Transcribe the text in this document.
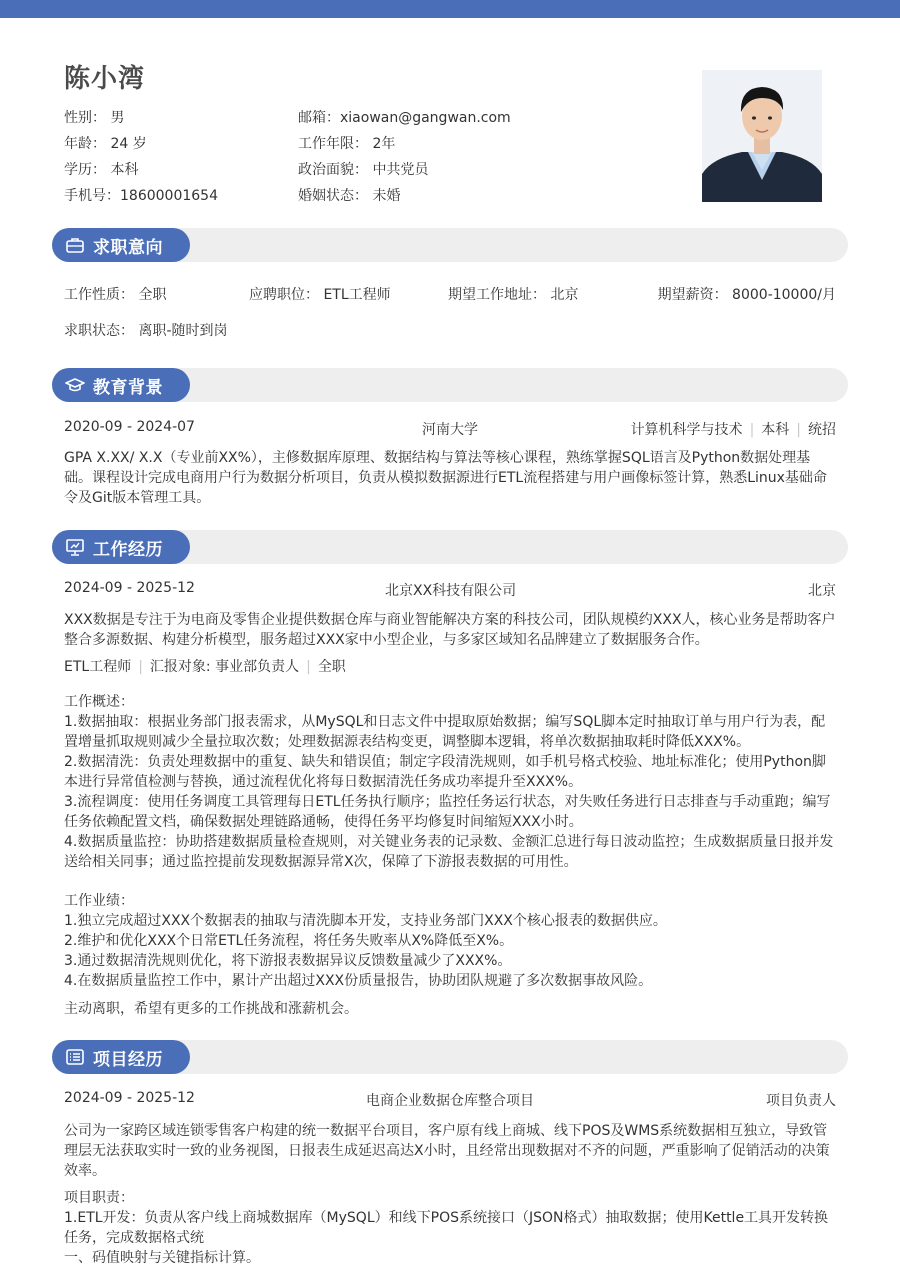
陈小湾
性别： 男	邮箱：xiaowan@gangwan.com
年龄： 24 岁	工作年限： 2年
学历： 本科	政治面貌： 中共党员
手机号：18600001654	婚姻状态： 未婚
求职意向
工作性质： 全职	应聘职位： ETL工程师	期望工作地址： 北京	期望薪资： 8000-10000/月
求职状态： 离职-随时到岗
教育背景
2020-09 - 2024-07	河南大学	计算机科学与技术 | 本科 | 统招

GPA X.XX/ X.X（专业前XX%），主修数据库原理、数据结构与算法等核心课程，熟练掌握SQL语言及Python数据处理基础。课程设计完成电商用户行为数据分析项目，负责从模拟数据源进行ETL流程搭建与用户画像标签计算，熟悉Linux基础命令及Git版本管理工具。

工作经历
2024-09 - 2025-12	北京XX科技有限公司	北京

XXX数据是专注于为电商及零售企业提供数据仓库与商业智能解决方案的科技公司，团队规模约XXX人，核心业务是帮助客户整合多源数据、构建分析模型，服务超过XXX家中小型企业，与多家区域知名品牌建立了数据服务合作。

ETL工程师 | 汇报对象: 事业部负责人 | 全职

工作概述：

1.数据抽取：根据业务部门报表需求，从MySQL和日志文件中提取原始数据；编写SQL脚本定时抽取订单与用户行为表，配置增量抓取规则减少全量拉取次数；处理数据源表结构变更，调整脚本逻辑，将单次数据抽取耗时降低XXX%。

2.数据清洗：负责处理数据中的重复、缺失和错误值；制定字段清洗规则，如手机号格式校验、地址标准化；使用Python脚本进行异常值检测与替换，通过流程优化将每日数据清洗任务成功率提升至XXX%。

3.流程调度：使用任务调度工具管理每日ETL任务执行顺序；监控任务运行状态，对失败任务进行日志排查与手动重跑；编写任务依赖配置文档，确保数据处理链路通畅，使得任务平均修复时间缩短XXX小时。

4.数据质量监控：协助搭建数据质量检查规则，对关键业务表的记录数、金额汇总进行每日波动监控；生成数据质量日报并发送给相关同事；通过监控提前发现数据源异常X次，保障了下游报表数据的可用性。

工作业绩：

1.独立完成超过XXX个数据表的抽取与清洗脚本开发，支持业务部门XXX个核心报表的数据供应。

2.维护和优化XXX个日常ETL任务流程，将任务失败率从X%降低至X%。

3.通过数据清洗规则优化，将下游报表数据异议反馈数量减少了XXX%。

4.在数据质量监控工作中，累计产出超过XXX份质量报告，协助团队规避了多次数据事故风险。

主动离职，希望有更多的工作挑战和涨薪机会。
项目经历
2024-09 - 2025-12	电商企业数据仓库整合项目	项目负责人

公司为一家跨区域连锁零售客户构建的统一数据平台项目，客户原有线上商城、线下POS及WMS系统数据相互独立，导致管理层无法获取实时一致的业务视图，日报表生成延迟高达X小时，且经常出现数据对不齐的问题，严重影响了促销活动的决策效率。

项目职责：

1.ETL开发：负责从客户线上商城数据库（MySQL）和线下POS系统接口（JSON格式）抽取数据；使用Kettle工具开发转换任务，完成数据格式统

一、码值映射与关键指标计算。
